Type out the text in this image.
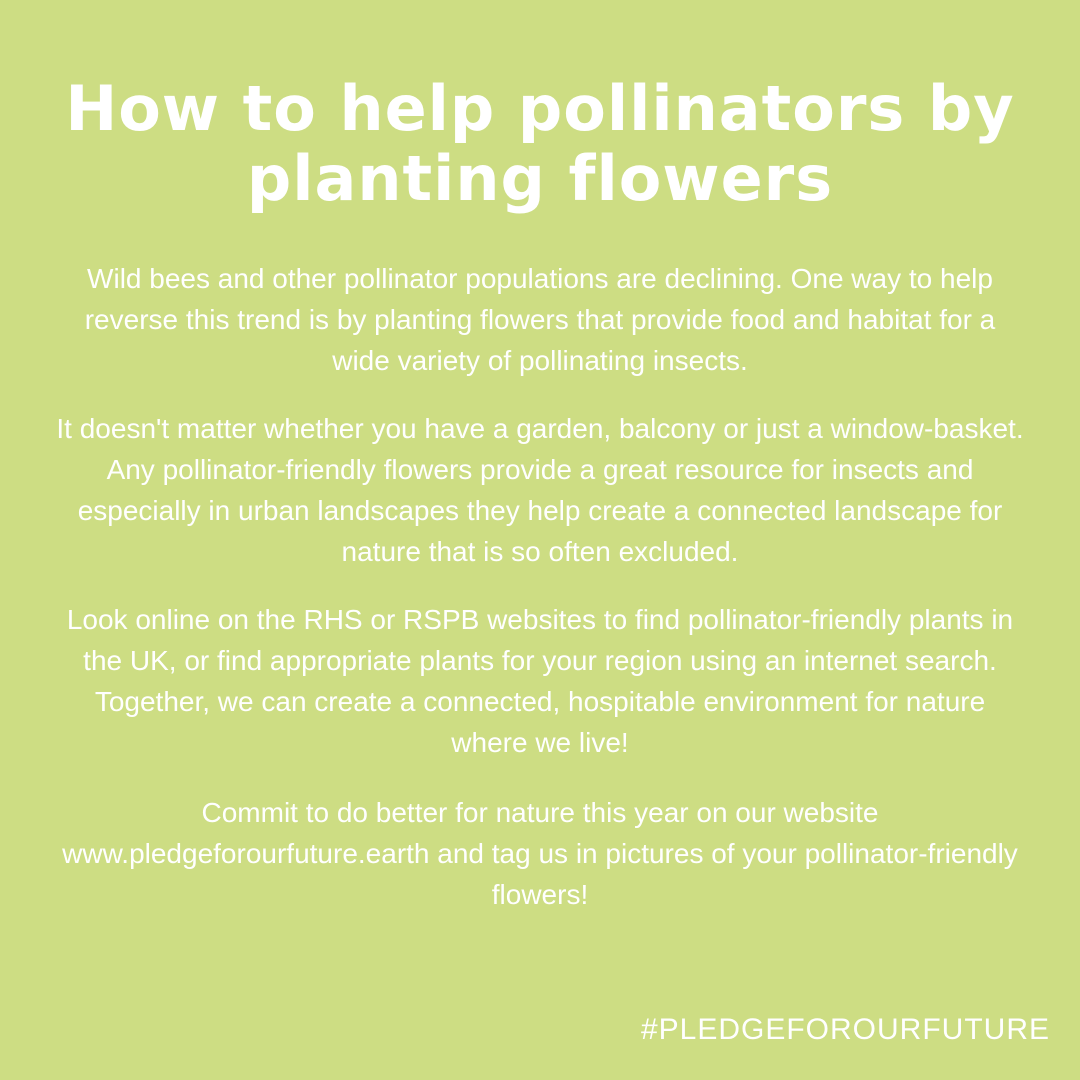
How to help pollinators by planting flowers

Wild bees and other pollinator populations are declining. One way to help reverse this trend is by planting flowers that provide food and habitat for a wide variety of pollinating insects.

It doesn't matter whether you have a garden, balcony or just a window-basket. Any pollinator-friendly flowers provide a great resource for insects and especially in urban landscapes they help create a connected landscape for nature that is so often excluded.

Look online on the RHS or RSPB websites to find pollinator-friendly plants in the UK, or find appropriate plants for your region using an internet search. Together, we can create a connected, hospitable environment for nature where we live!

Commit to do better for nature this year on our website www.pledgeforourfuture.earth and tag us in pictures of your pollinator-friendly flowers!

#PLEDGEFOROURFUTURE
